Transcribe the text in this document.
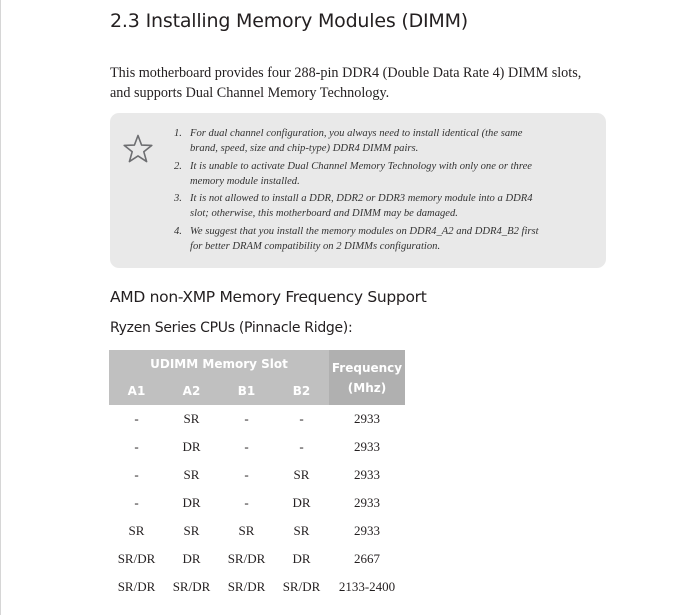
2.3 Installing Memory Modules (DIMM)

This motherboard provides four 288-pin DDR4 (Double Data Rate 4) DIMM slots,
and supports Dual Channel Memory Technology.

1. For dual channel configuration, you always need to install identical (the same
brand, speed, size and chip-type) DDR4 DIMM pairs.
2. It is unable to activate Dual Channel Memory Technology with only one or three
memory module installed.
3. It is not allowed to install a DDR, DDR2 or DDR3 memory module into a DDR4
slot; otherwise, this motherboard and DIMM may be damaged.
4. We suggest that you install the memory modules on DDR4_A2 and DDR4_B2 first
for better DRAM compatibility on 2 DIMMs configuration.
AMD non-XMP Memory Frequency Support
Ryzen Series CPUs (Pinnacle Ridge):
UDIMM Memory Slot				Frequency
(Mhz)
A1	A2	B1	B2	
-	SR	-	-	2933
-	DR	-	-	2933
-	SR	-	SR	2933
-	DR	-	DR	2933
SR	SR	SR	SR	2933
SR/DR	DR	SR/DR	DR	2667
SR/DR	SR/DR	SR/DR	SR/DR	2133-2400
